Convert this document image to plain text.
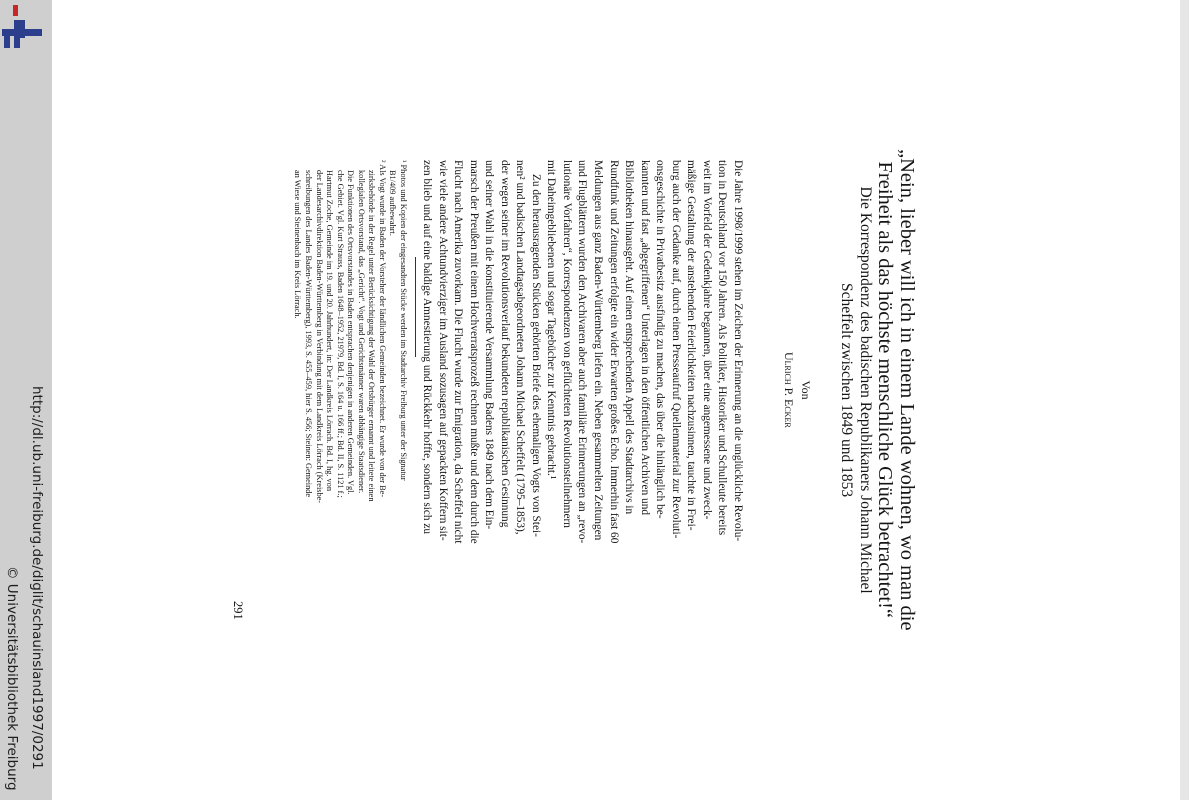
http://dl.ub.uni-freiburg.de/diglit/schauinsland1997/0291
© Universitätsbibliothek Freiburg
„Nein, lieber will ich in einem Lande wohnen, wo man die
Freiheit als das höchste menschliche Glück betrachtet!“
Die Korrespondenz des badischen Republikaners Johann Michael
Scheffelt zwischen 1849 und 1853
Von
Ulrich P. Ecker
Die Jahre 1998/1999 stehen im Zeichen der Erinnerung an die unglückliche Revolu-
tion in Deutschland vor 150 Jahren. Als Politiker, Historiker und Schulleute bereits
weit im Vorfeld der Gedenkjahre begannen, über eine angemessene und zweck-
mäßige Gestaltung der anstehenden Feierlichkeiten nachzusinnen, tauchte in Frei-
burg auch der Gedanke auf, durch einen Presseaufruf Quellenmaterial zur Revoluti-
onsgeschichte in Privatbesitz ausfindig zu machen, das über die hinlänglich be-
kannten und fast „abgegriffenen“ Unterlagen in den öffentlichen Archiven und
Bibliotheken hinausgeht. Auf einen entsprechenden Appell des Stadtarchivs in
Rundfunk und Zeitungen erfolgte ein wider Erwarten großes Echo. Immerhin fast 60
Meldungen aus ganz Baden-Württemberg liefen ein. Neben gesammelten Zeitungen
und Flugblättern wurden den Archivaren aber auch familiäre Erinnerungen an „revo-
lutionäre Vorfahren“, Korrespondenzen von geflüchteten Revolutionsteilnehmern
mit Daheimgebliebenen und sogar Tagebücher zur Kenntnis gebracht.¹
Zu den herausragenden Stücken gehörten Briefe des ehemaligen Vogts von Stei-
nen² und badischen Landtagsabgeordneten Johann Michael Scheffelt (1795–1853),
der wegen seiner im Revolutionsverlauf bekundeten republikanischen Gesinnung
und seiner Wahl in die konstituierende Versammlung Badens 1849 nach dem Ein-
marsch der Preußen mit einem Hochverratsprozeß rechnen mußte und dem durch die
Flucht nach Amerika zuvorkam. Die Flucht wurde zur Emigration, da Scheffelt nicht
wie viele andere Achtundvierziger im Ausland sozusagen auf gepackten Koffern sit-
zen blieb und auf eine baldige Amnestierung und Rückkehr hoffte, sondern sich zu
¹ Photos und Kopien der eingesandten Stücke werden im Stadtarchiv Freiburg unter der Signatur
B1/409 aufbewahrt.
² Als Vogt wurde in Baden der Vorsteher der ländlichen Gemeinden bezeichnet. Er wurde von der Be-
zirksbehörde in der Regel unter Berücksichtigung der Wahl der Ortsbürger ernannt und leitete einen
kollegialen Ortsvorstand, das „Gericht“. Vogt und Gerichtsmänner waren abhängige Staatsdiener.
Die Funktionen des Ortsvorstandes in Baden entsprachen denjenigen in anderen Gemeinden. Vgl.
che Gebiet. Vgl. Kurt Strauss, Baden 1648–1952, 21979, Bd. I, S. 164 u. 166 ff.; Bd. II, S. 1121 f.;
Hartmut Zoche, Gemeinde im 19. und 20. Jahrhundert, in: Der Landkreis Lörrach. Bd. I, hg. von
der Landesarchivdirektion Baden-Württemberg in Verbindung mit dem Landkreis Lörrach (Kreisbe-
schreibungen des Landes Baden-Württemberg), 1993, S. 455–459, hier S. 456; Steinen: Gemeinde
an Wiese und Steinenbach im Kreis Lörrach.
291
